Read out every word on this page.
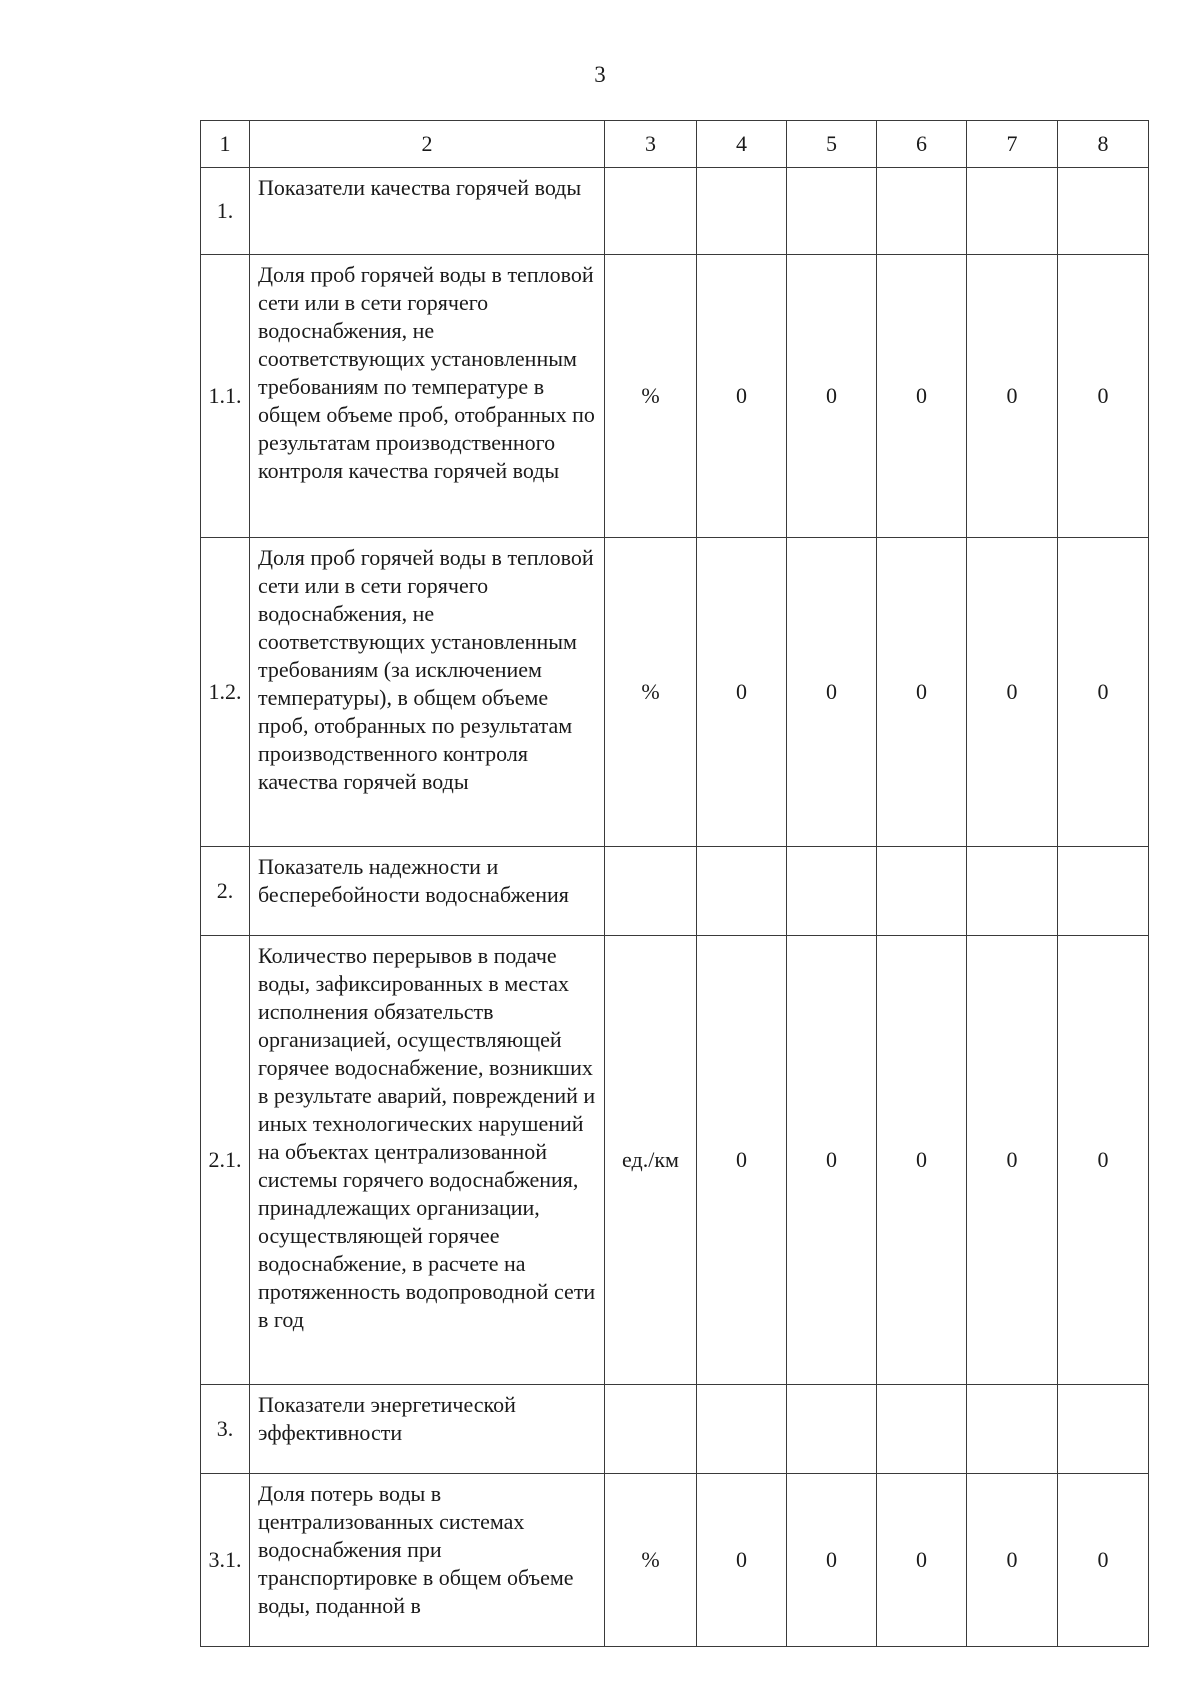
3
1	2	3	4	5	6	7	8
1.	Показатели качества горячей воды						
1.1.	Доля проб горячей воды в тепловой сети или в сети горячего водоснабжения, не соответствующих установленным требованиям по температуре в общем объеме проб, отобранных по результатам производственного контроля качества горячей воды	%	0	0	0	0	0
1.2.	Доля проб горячей воды в тепловой сети или в сети горячего водоснабжения, не соответствующих установленным требованиям (за исключением температуры), в общем объеме проб, отобранных по результатам производственного контроля качества горячей воды	%	0	0	0	0	0
2.	Показатель надежности и бесперебойности водоснабжения						
2.1.	Количество перерывов в подаче воды, зафиксированных в местах исполнения обязательств организацией, осуществляющей горячее водоснабжение, возникших в результате аварий, повреждений и иных технологических нарушений на объектах централизованной системы горячего водоснабжения, принадлежащих организации, осуществляющей горячее водоснабжение, в расчете на протяженность водопроводной сети в год	ед./км	0	0	0	0	0
3.	Показатели энергетической эффективности						
3.1.	Доля потерь воды в централизованных системах водоснабжения при транспортировке в общем объеме воды, поданной в	%	0	0	0	0	0
